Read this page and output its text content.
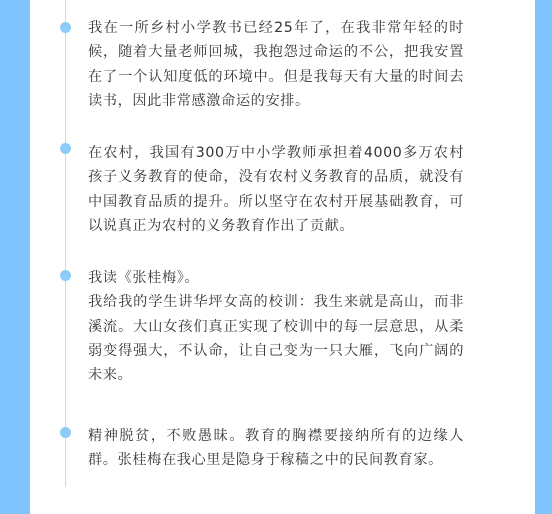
我在一所乡村小学教书已经25年了，在我非常年轻的时候，随着大量老师回城，我抱怨过命运的不公，把我安置在了一个认知度低的环境中。但是我每天有大量的时间去读书，因此非常感激命运的安排。

在农村，我国有300万中小学教师承担着4000多万农村孩子义务教育的使命，没有农村义务教育的品质，就没有中国教育品质的提升。所以坚守在农村开展基础教育，可以说真正为农村的义务教育作出了贡献。

我读《张桂梅》。

我给我的学生讲华坪女高的校训：我生来就是高山，而非溪流。大山女孩们真正实现了校训中的每一层意思，从柔弱变得强大，不认命，让自己变为一只大雁，飞向广阔的未来。

精神脱贫，不败愚昧。教育的胸襟要接纳所有的边缘人群。张桂梅在我心里是隐身于稼穑之中的民间教育家。
